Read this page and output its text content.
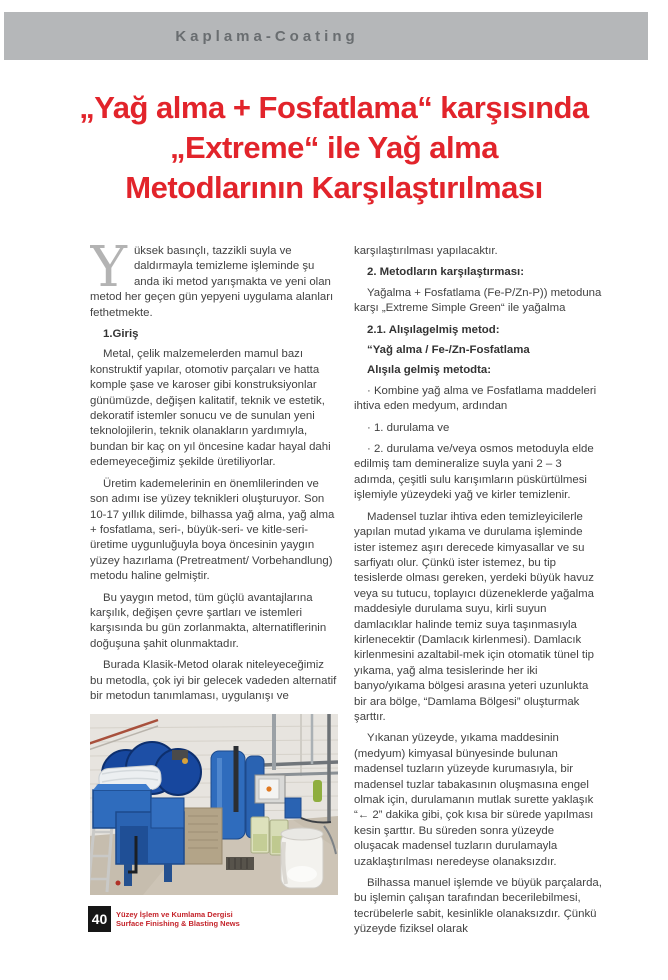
Kaplama-Coating
„Yağ alma + Fosfatlama“ karşısında
„Extreme“ ile Yağ alma
Metodlarının Karşılaştırılması

Yüksek basınçlı, tazzikli suyla ve daldırmayla temizleme işleminde şu anda iki metod yarışmakta ve yeni olan metod her geçen gün yepyeni uygulama alanları fethetmekte.

1.Giriş

Metal, çelik malzemelerden mamul bazı konstruktif yapılar, otomotiv parçaları ve hatta komple şase ve karoser gibi konstruksiyonlar günümüzde, değişen kalitatif, teknik ve estetik, dekoratif istemler sonucu ve de sunulan yeni teknolojilerin, teknik olanakların yardımıyla, bundan bir kaç on yıl öncesine kadar hayal dahi edemeyeceğimiz şekilde üretiliyorlar.

Üretim kademelerinin en önemlilerinden ve son adımı ise yüzey teknikleri oluşturuyor. Son 10-17 yıllık dilimde, bilhassa yağ alma, yağ alma + fosfatlama, seri-, büyük-seri- ve kitle-seri- üretime uygunluğuyla boya öncesinin yaygın yüzey hazırlama (Pretreatment/ Vorbehandlung) metodu haline gelmiştir.

Bu yaygın metod, tüm güçlü avantajlarına karşılık, değişen çevre şartları ve istemleri karşısında bu gün zorlanmakta, alternatiflerinin doğuşuna şahit olunmaktadır.

Burada Klasik-Metod olarak niteleyeceğimiz bu metodla, çok iyi bir gelecek vadeden alternatif bir metodun tanımlaması, uygulanışı ve

karşılaştırılması yapılacaktır.

2. Metodların karşılaştırması:

Yağalma + Fosfatlama (Fe-P/Zn-P)) metoduna karşı „Extreme Simple Green“ ile yağalma

2.1. Alışılagelmiş metod:
“Yağ alma / Fe-/Zn-Fosfatlama
Alışıla gelmiş metodta:

· Kombine yağ alma ve Fosfatlama maddeleri ihtiva eden medyum, ardından

· 1. durulama ve

· 2. durulama ve/veya osmos metoduyla elde edilmiş tam demineralize suyla yani 2 – 3 adımda, çeşitli sulu karışımların püskürtülmesi işlemiyle yüzeydeki yağ ve kirler temizlenir.

Madensel tuzlar ihtiva eden temizleyicilerle yapılan mutad yıkama ve durulama işleminde ister istemez aşırı derecede kimyasallar ve su sarfiyatı olur. Çünkü ister istemez, bu tip tesislerde olması gereken, yerdeki büyük havuz veya su tutucu, toplayıcı düzeneklerde yağalma maddesiyle durulama suyu, kirli suyun damlacıklar halinde temiz suya taşınmasıyla kirlenecektir (Damlacık kirlenmesi). Damlacık kirlenmesini azaltabil-mek için otomatik tünel tip yıkama, yağ alma tesislerinde her iki banyo/yıkama bölgesi arasına yeteri uzunlukta bir ara bölge, “Damlama Bölgesi” oluşturmak şarttır.

Yıkanan yüzeyde, yıkama maddesinin (medyum) kimyasal bünyesinde bulunan madensel tuzların yüzeyde kurumasıyla, bir madensel tuzlar tabakasının oluşmasına engel olmak için, durulamanın mutlak surette yaklaşık “← 2” dakika gibi, çok kısa bir sürede yapılması kesin şarttır. Bu süreden sonra yüzeyde oluşacak madensel tuzların durulamayla uzaklaştırılması neredeyse olanaksızdır.

Bilhassa manuel işlemde ve büyük parçalarda, bu işlemin çalışan tarafından becerilebilmesi, tecrübelerle sabit, kesinlikle olanaksızdır. Çünkü yüzeyde fiziksel olarak

40	Yüzey İşlem ve Kumlama Dergisi
Surface Finishing & Blasting News
